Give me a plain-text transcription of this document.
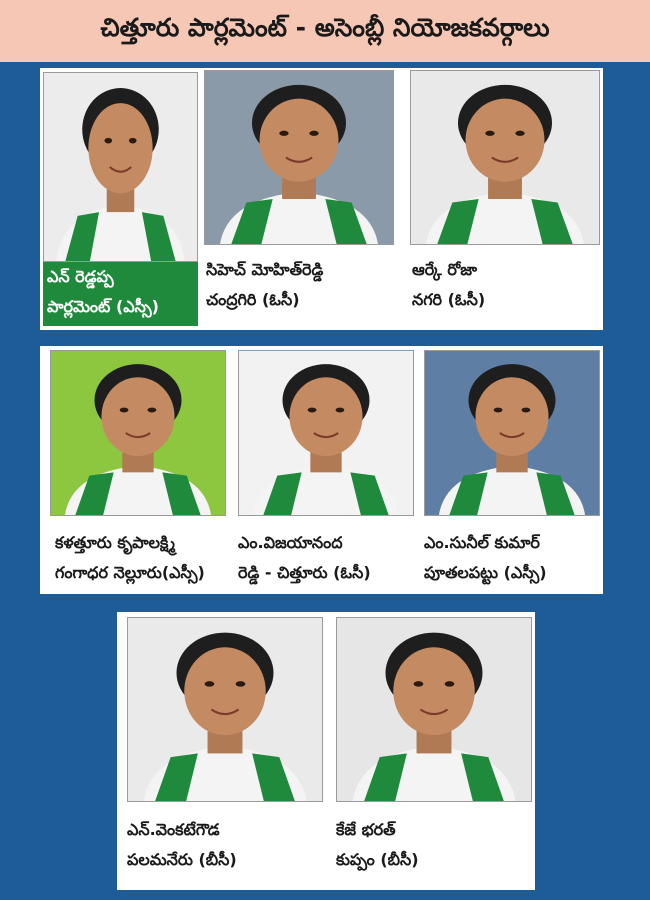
చిత్తూరు పార్లమెంట్ - అసెంబ్లీ నియోజకవర్గాలు
ఎన్ రెడ్డప్ప
పార్లమెంట్ (ఎస్సీ)
సిహెచ్ మోహిత్‌రెడ్డి
చంద్రగిరి (ఓసీ)
ఆర్కే రోజా
నగరి (ఓసీ)
కళత్తూరు కృపాలక్ష్మి
గంగాధర నెల్లూరు(ఎస్సీ)
ఎం.విజయానంద
రెడ్డి - చిత్తూరు (ఓసీ)
ఎం.సునీల్ కుమార్
పూతలపట్టు (ఎస్సీ)
ఎన్.వెంకటేగౌడ
పలమనేరు (బీసీ)
కేజే భరత్
కుప్పం (బీసీ)
